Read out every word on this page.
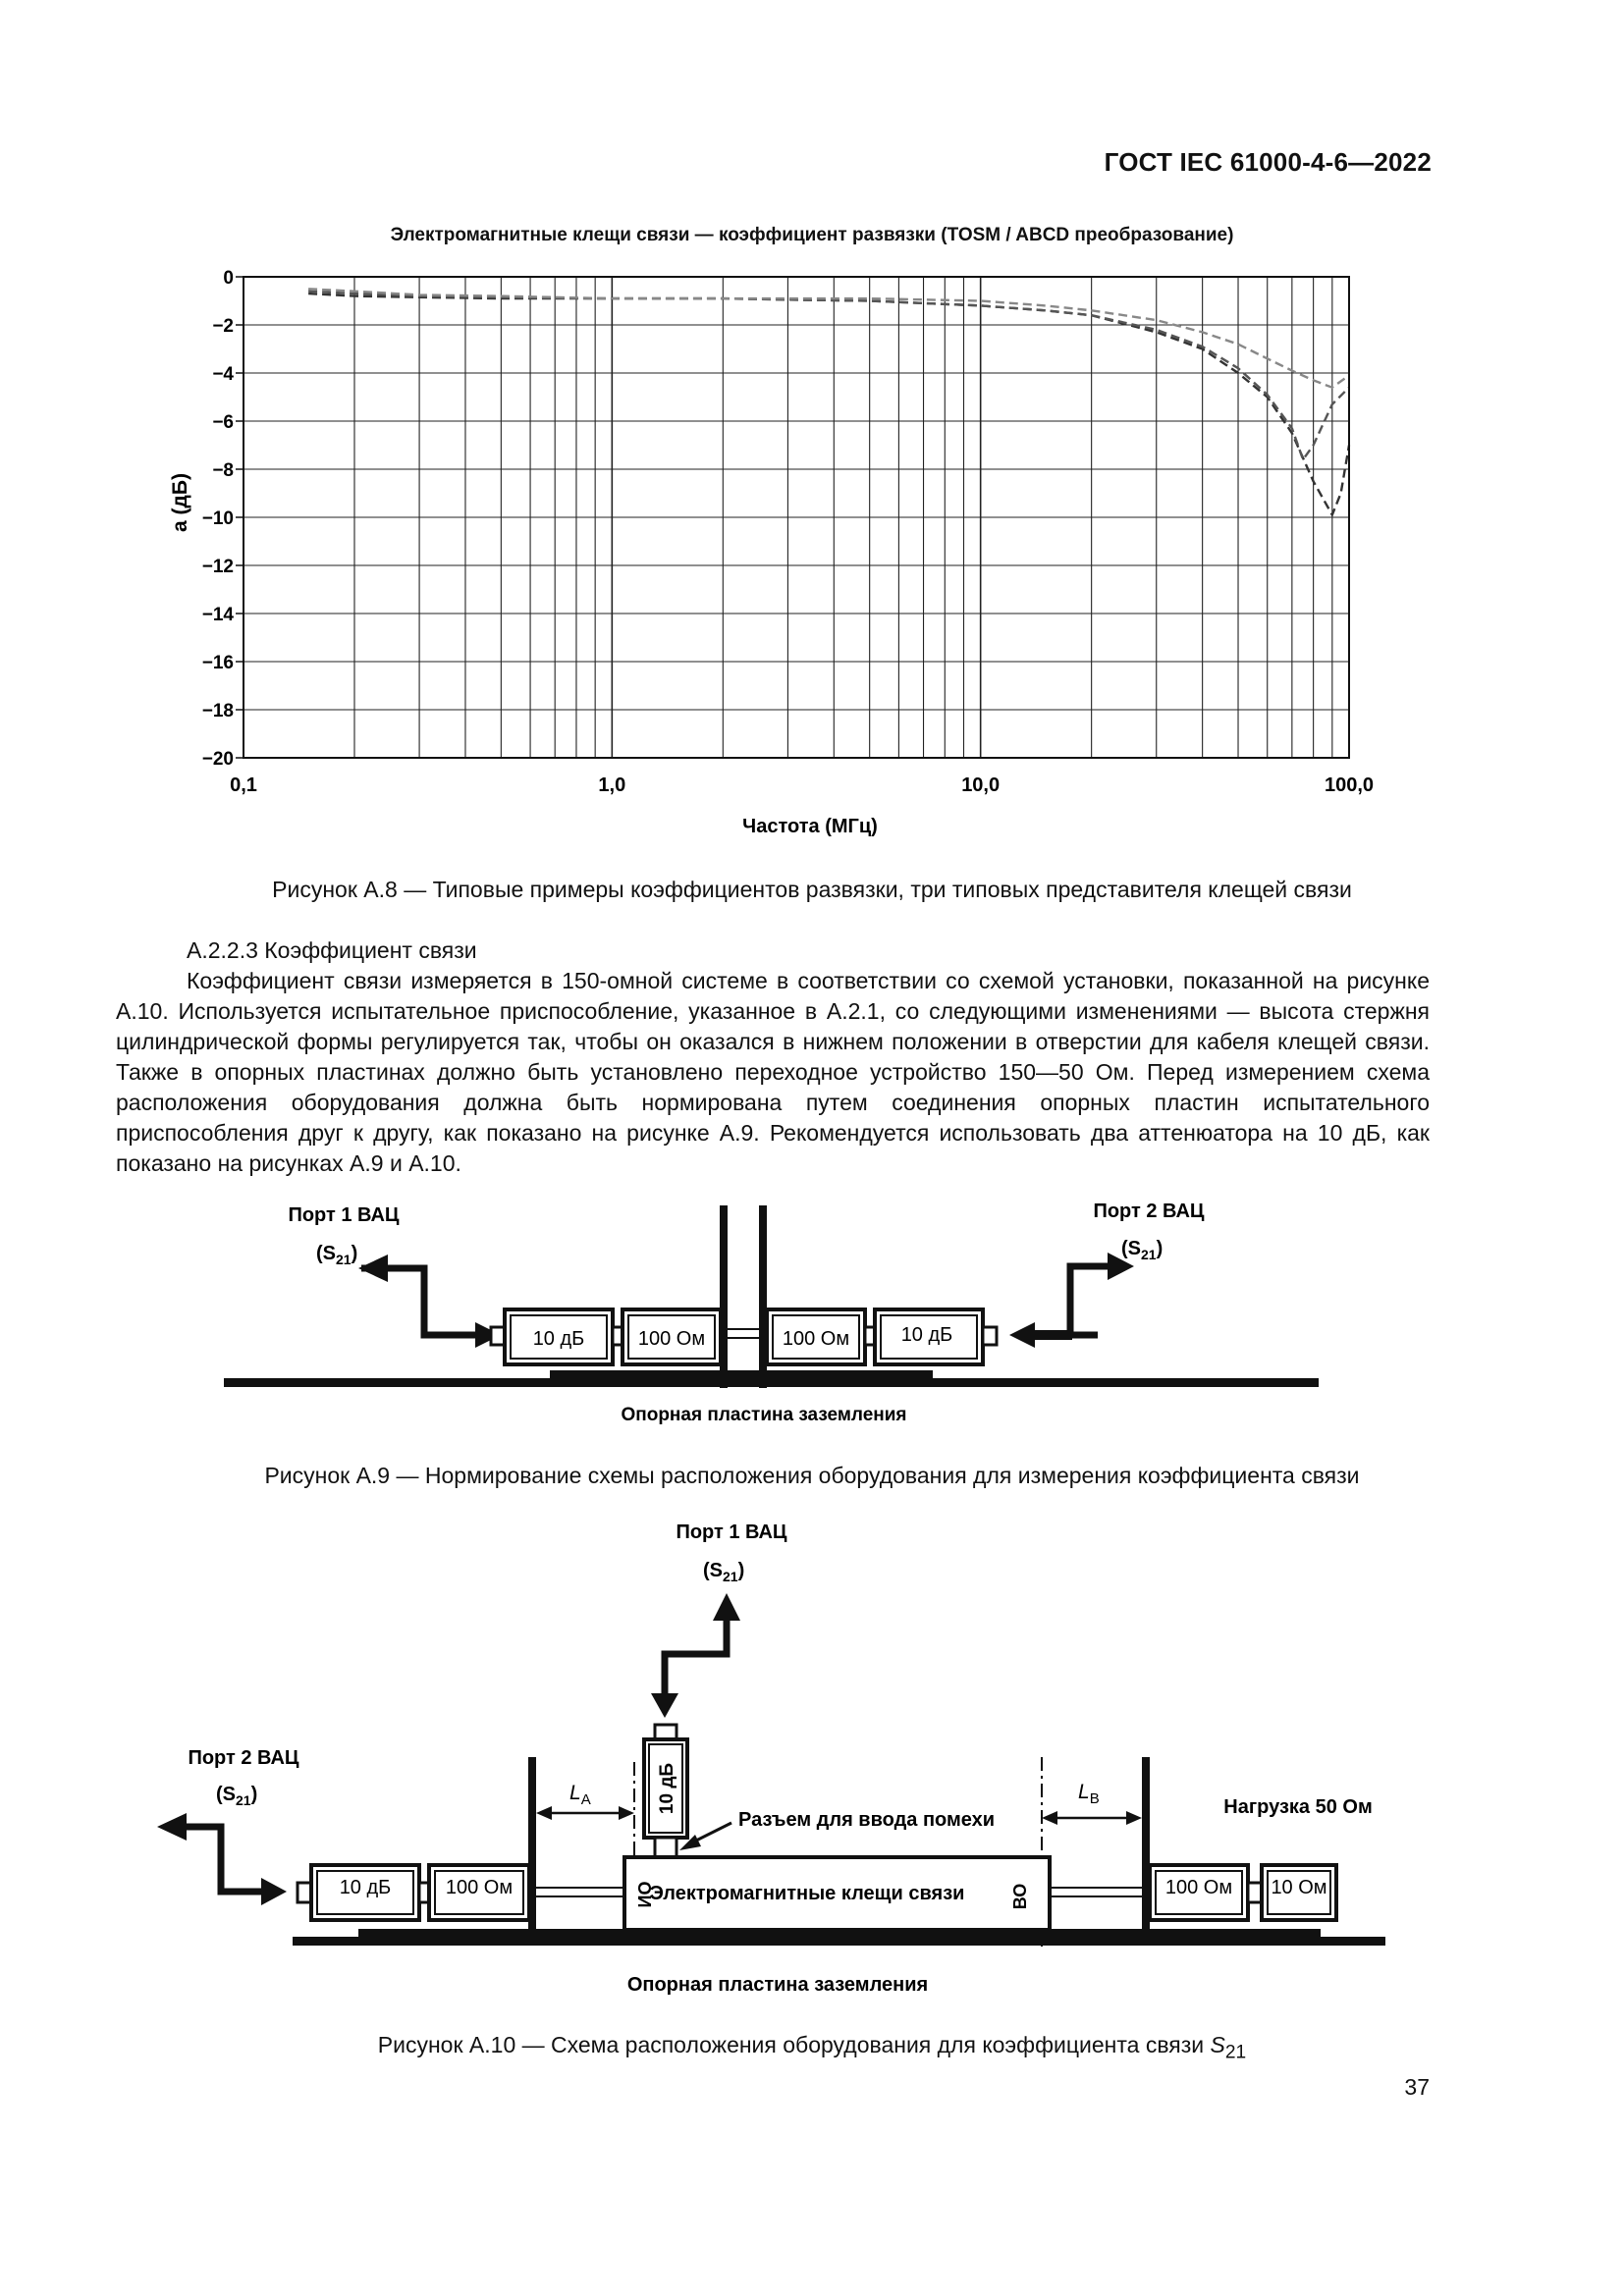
ГОСТ IEC 61000-4-6—2022
Электромагнитные клещи связи — коэффициент развязки (TOSM / ABCD преобразование)
0
−2
−4
−6
−8
−10
−12
−14
−16
−18
−20
0,1	1,0	10,0	100,0
а (дБ)
Частота (МГц)
Рисунок А.8 — Типовые примеры коэффициентов развязки, три типовых представителя клещей связи

А.2.2.3 Коэффициент связи

Коэффициент связи измеряется в 150-омной системе в соответствии со схемой установки, показанной на рисунке А.10. Используется испытательное приспособление, указанное в А.2.1, со следующими изменениями — высота стержня цилиндрической формы регулируется так, чтобы он оказался в нижнем положении в отверстии для кабеля клещей связи. Также в опорных пластинах должно быть установлено переходное устройство 150—50 Ом. Перед измерением схема расположения оборудования должна быть нормирована путем соединения опорных пластин испытательного приспособления друг к другу, как показано на рисунке А.9. Рекомендуется использовать два аттенюатора на 10 дБ, как показано на рисунках А.9 и А.10.

Порт 1 ВАЦ
$(S_{21})$
Порт 2 ВАЦ
$(S_{21})$
10 дБ	100 Ом	100 Ом	10 дБ
Опорная пластина заземления
Рисунок А.9 — Нормирование схемы расположения оборудования для измерения коэффициента связи
Порт 1 ВАЦ
$(S_{21})$
Порт 2 ВАЦ
$(S_{21})$	$L_A$	$L_B$
10 дБ
Разъем для ввода помехи
Нагрузка 50 Ом
ИО
Электромагнитные клещи связи	ВО
10 дБ	100 Ом	100 Ом 10 Ом
Опорная пластина заземления
Рисунок А.10 — Схема расположения оборудования для коэффициента связи $S_{21}$
37
